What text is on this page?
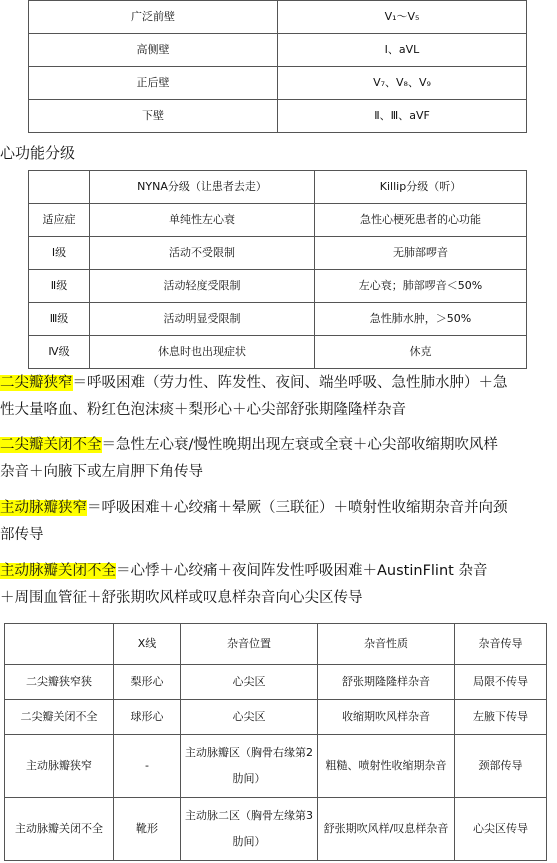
广泛前壁	V₁～V₅
高侧壁	Ⅰ、aVL
正后壁	V₇、V₈、V₉
下壁	Ⅱ、Ⅲ、aVF
心功能分级
	NYNA分级（让患者去走）	Killip分级（听）
适应症	单纯性左心衰	急性心梗死患者的心功能
Ⅰ级	活动不受限制	无肺部啰音
Ⅱ级	活动轻度受限制	左心衰；肺部啰音＜50%
Ⅲ级	活动明显受限制	急性肺水肿，＞50%
Ⅳ级	休息时也出现症状	休克
二尖瓣狭窄＝呼吸困难（劳力性、阵发性、夜间、端坐呼吸、急性肺水肿）＋急
性大量咯血、粉红色泡沫痰＋梨形心＋心尖部舒张期隆隆样杂音
二尖瓣关闭不全＝急性左心衰/慢性晚期出现左衰或全衰＋心尖部收缩期吹风样
杂音＋向腋下或左肩胛下角传导
主动脉瓣狭窄＝呼吸困难＋心绞痛＋晕厥（三联征）＋喷射性收缩期杂音并向颈
部传导
主动脉瓣关闭不全＝心悸＋心绞痛＋夜间阵发性呼吸困难＋AustinFlint 杂音
＋周围血管征＋舒张期吹风样或叹息样杂音向心尖区传导
	X线	杂音位置	杂音性质	杂音传导
二尖瓣狭窄狭	梨形心	心尖区	舒张期隆隆样杂音	局限不传导
二尖瓣关闭不全	球形心	心尖区	收缩期吹风样杂音	左腋下传导
主动脉瓣狭窄	-	主动脉瓣区（胸骨右缘第2肋间）	粗糙、喷射性收缩期杂音	颈部传导
主动脉瓣关闭不全	靴形	主动脉二区（胸骨左缘第3肋间）	舒张期吹风样/叹息样杂音	心尖区传导
